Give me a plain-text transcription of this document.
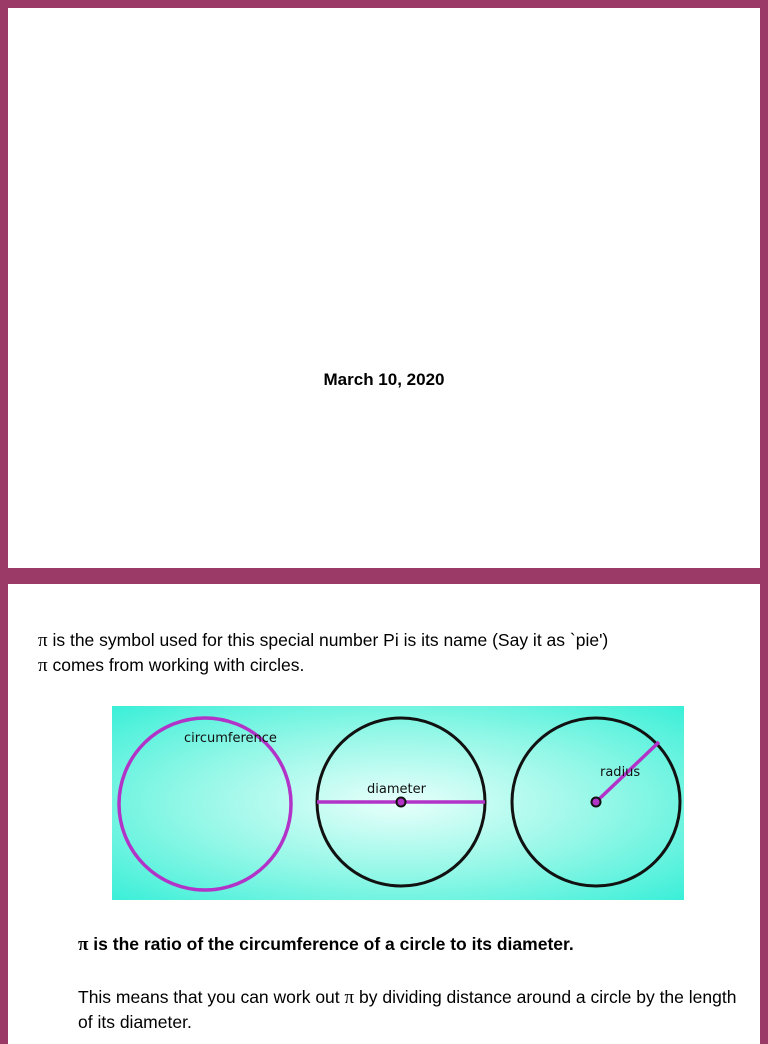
March 10, 2020
π is the symbol used for this special number Pi is its name (Say it as `pie')
π comes from working with circles.
circumference
diameter
radius
π is the ratio of the circumference of a circle to its diameter.
This means that you can work out π by dividing distance around a circle by the length of its diameter.
